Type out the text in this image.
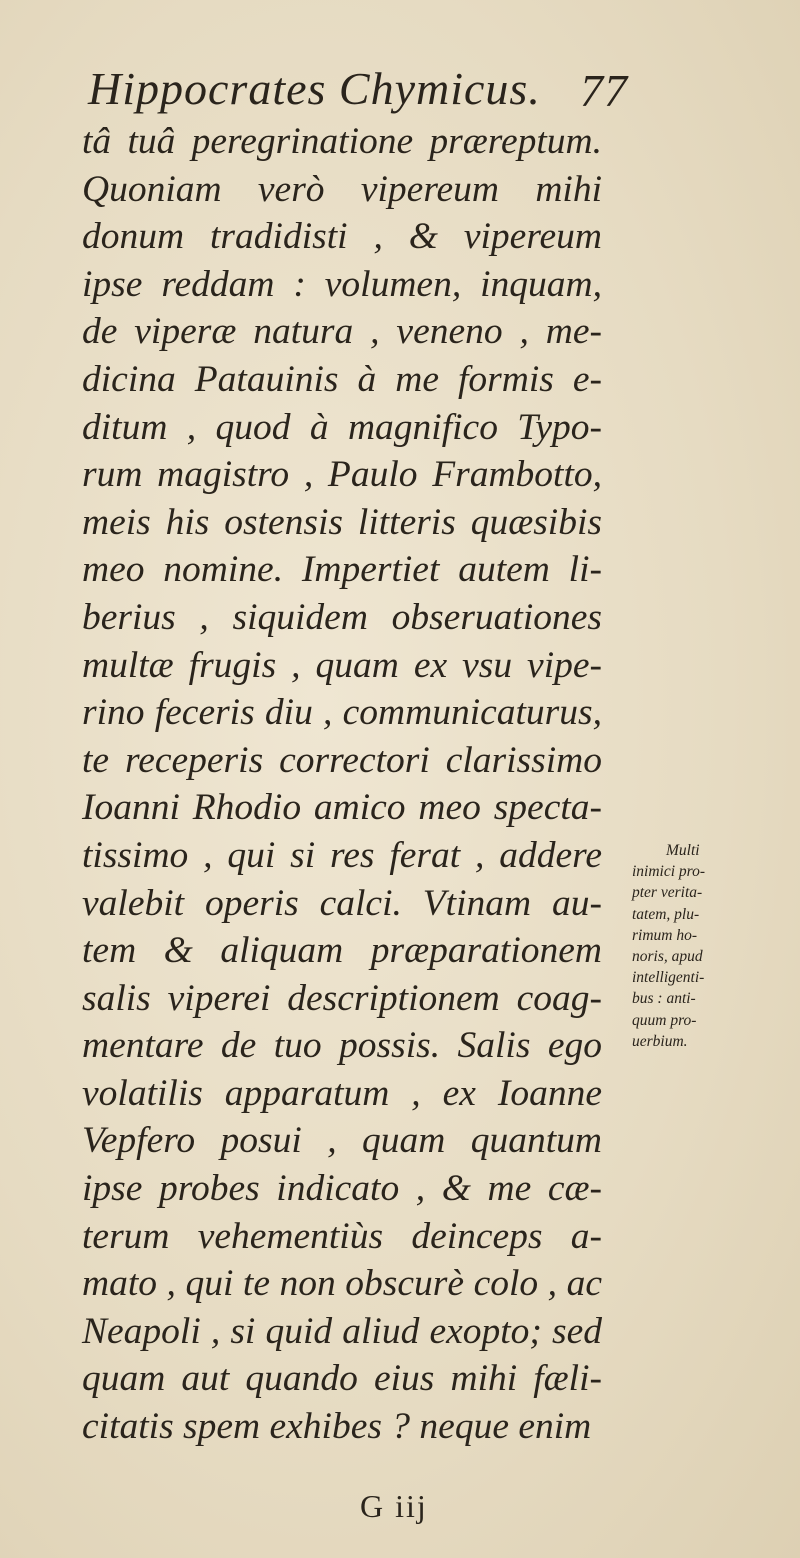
Hippocrates Chymicus. 77
tâ tuâ peregrinatione præreptum.
Quoniam verò vipereum mihi
donum tradidisti , & vipereum
ipse reddam : volumen, inquam,
de viperæ natura , veneno , me-
dicina Patauinis à me formis e-
ditum , quod à magnifico Typo-
rum magistro , Paulo Frambotto,
meis his ostensis litteris quæsibis
meo nomine. Impertiet autem li-
berius , siquidem obseruationes
multæ frugis , quam ex vsu vipe-
rino feceris diu , communicaturus,
te receperis correctori clarissimo
Ioanni Rhodio amico meo specta-
tissimo , qui si res ferat , addere
valebit operis calci. Vtinam au-
tem & aliquam præparationem
salis viperei descriptionem coag-
mentare de tuo possis. Salis ego
volatilis apparatum , ex Ioanne
Vepfero posui , quam quantum
ipse probes indicato , & me cæ-
terum vehementiùs deinceps a-
mato , qui te non obscurè colo , ac
Neapoli , si quid aliud exopto; sed
quam aut quando eius mihi fæli-
citatis spem exhibes ? neque enim
Multi
inimici pro-
pter verita-
tatem, plu-
rimum ho-
noris, apud
intelligenti-
bus : anti-
quum pro-
uerbium.
G iij
